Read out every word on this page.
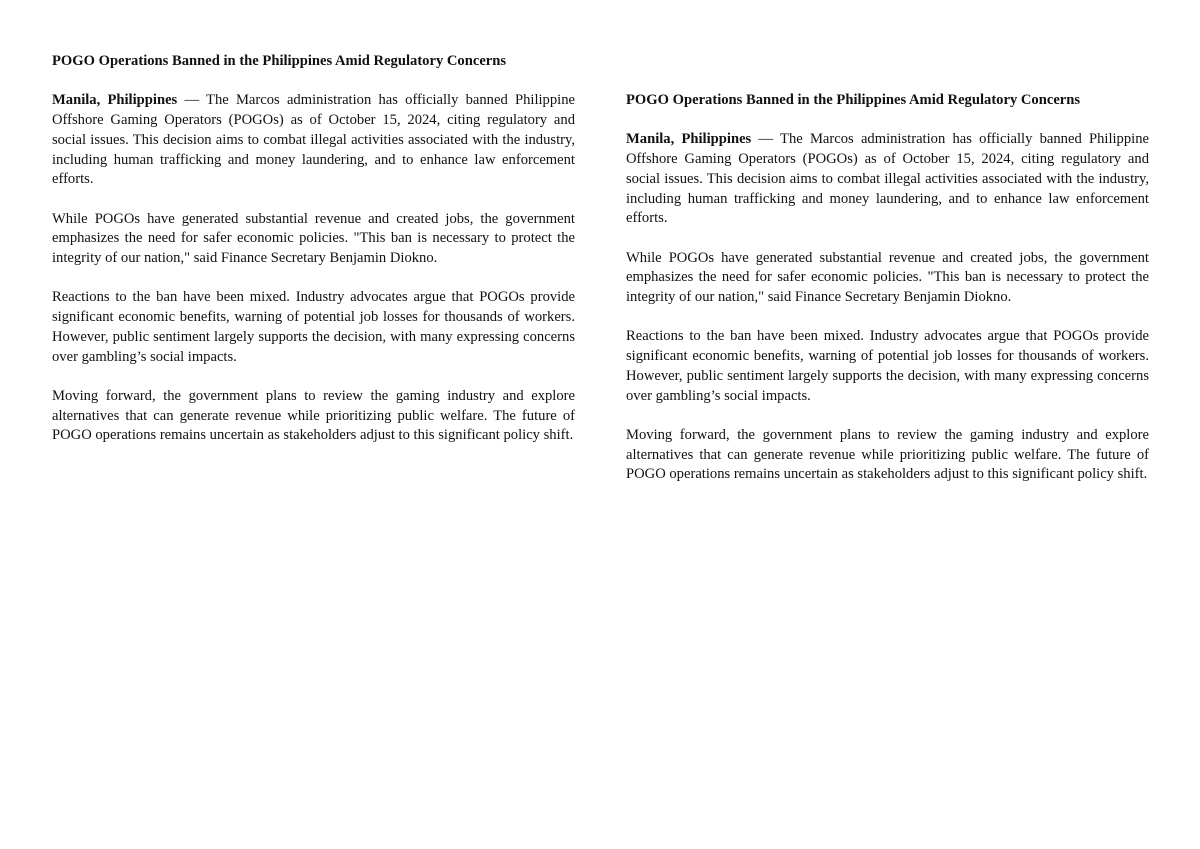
POGO Operations Banned in the Philippines Amid Regulatory Concerns

Manila, Philippines — The Marcos administration has officially banned Philippine Offshore Gaming Operators (POGOs) as of October 15, 2024, citing regulatory and social issues. This decision aims to combat illegal activities associated with the industry, including human trafficking and money laundering, and to enhance law enforcement efforts.

While POGOs have generated substantial revenue and created jobs, the government emphasizes the need for safer economic policies. "This ban is necessary to protect the integrity of our nation," said Finance Secretary Benjamin Diokno.

Reactions to the ban have been mixed. Industry advocates argue that POGOs provide significant economic benefits, warning of potential job losses for thousands of workers. However, public sentiment largely supports the decision, with many expressing concerns over gambling’s social impacts.

Moving forward, the government plans to review the gaming industry and explore alternatives that can generate revenue while prioritizing public welfare. The future of POGO operations remains uncertain as stakeholders adjust to this significant policy shift.

POGO Operations Banned in the Philippines Amid Regulatory Concerns

Manila, Philippines — The Marcos administration has officially banned Philippine Offshore Gaming Operators (POGOs) as of October 15, 2024, citing regulatory and social issues. This decision aims to combat illegal activities associated with the industry, including human trafficking and money laundering, and to enhance law enforcement efforts.

While POGOs have generated substantial revenue and created jobs, the government emphasizes the need for safer economic policies. "This ban is necessary to protect the integrity of our nation," said Finance Secretary Benjamin Diokno.

Reactions to the ban have been mixed. Industry advocates argue that POGOs provide significant economic benefits, warning of potential job losses for thousands of workers. However, public sentiment largely supports the decision, with many expressing concerns over gambling’s social impacts.

Moving forward, the government plans to review the gaming industry and explore alternatives that can generate revenue while prioritizing public welfare. The future of POGO operations remains uncertain as stakeholders adjust to this significant policy shift.
